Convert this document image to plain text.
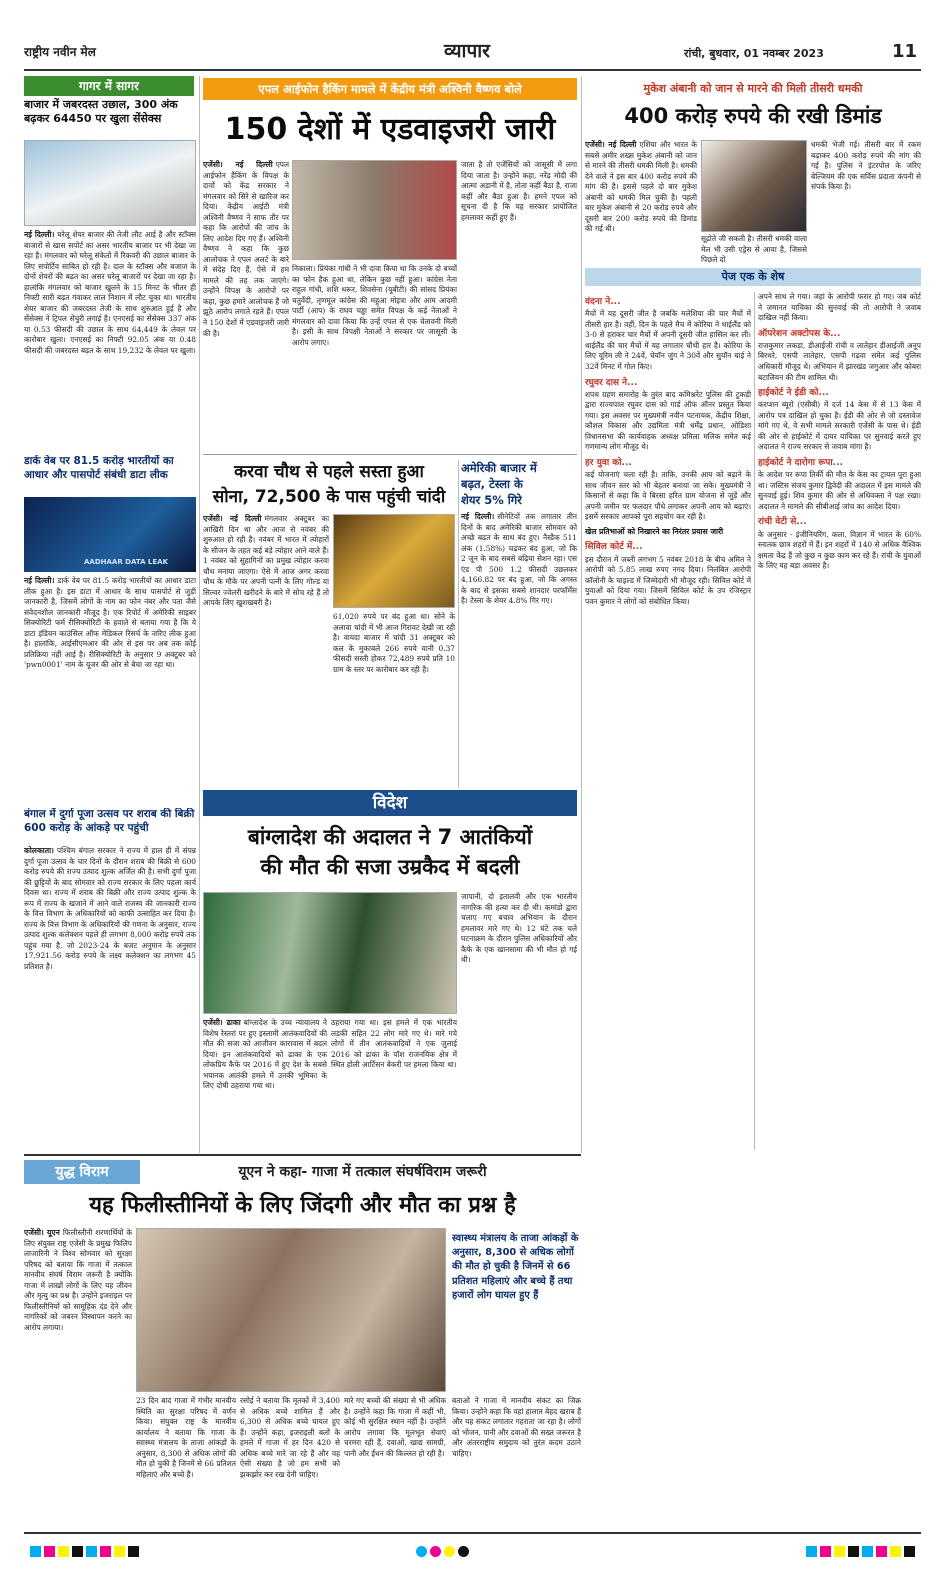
राष्ट्रीय नवीन मेल	व्यापार	रांची, बुधवार, 01 नवम्बर 2023	11
गागर में सागर
बाजार में जबरदस्त उछाल, 300 अंक बढ़कर 64450 पर खुला सेंसेक्स
नई दिल्ली। घरेलू शेयर बाजार की तेजी लौट आई है और स्टॉक्स बाजारों से खास सपोर्ट का असर भारतीय बाजार पर भी देखा जा रहा है। मंगलवार को घरेलू संकेतों में रिकवरी की उछाल बाजार के लिए सपोर्टिव साबित हो रही है। दाल के स्टॉक्स और बजाज के दोनों शेयरों की बढ़त का असर घरेलू बाजारों पर देखा जा रहा है। हालांकि मंगलवार को बाजार खुलने के 15 मिनट के भीतर ही निफ्टी सारी बढ़त गंवाकर लाल निशान में लौट चुका था। भारतीय शेयर बाजार की जबरदस्त तेजी के साथ शुरुआत हुई है और सेंसेक्स ने ट्रिपल सेंचुरी लगाई है। एनएसई का सेंसेक्स 337 अंक या 0.53 फीसदी की उछाल के साथ 64,449 के लेवल पर कारोबार खुला। एनएसई का निफ्टी 92.05 अंक या 0.48 फीसदी की जबरदस्त बढ़त के साथ 19,232 के लेवल पर खुला।
डार्क वेब पर 81.5 करोड़ भारतीयों का आधार और पासपोर्ट संबंधी डाटा लीक
AADHAAR DATA LEAK
नई दिल्ली। डार्क वेब पर 81.5 करोड़ भारतीयों का आधार डाटा लीक हुआ है। इस डाटा में आधार के साथ पासपोर्ट से जुड़ी जानकारी है, जिसमें लोगों के नाम का फोन नंबर और पता जैसे संवेदनशील जानकारी मौजूद है। एक रिपोर्ट में अमेरिकी साइबर सिक्योरिटी फर्म रीसिक्योरिटी के हवाले से बताया गया है कि ये डाटा इंडियन काउंसिल ऑफ मेडिकल रिसर्च के जरिए लीक हुआ है। हालांकि, आईसीएमआर की ओर से इस पर अब तक कोई प्रतिक्रिया नहीं आई है। रीसिक्योरिटी के अनुसार 9 अक्टूबर को 'pwn0001' नाम के यूजर की ओर से बेचा जा रहा था।
बंगाल में दुर्गा पूजा उत्सव पर शराब की बिक्री 600 करोड़ के आंकड़े पर पहुंची
कोलकाता। पश्चिम बंगाल सरकार ने राज्य में हाल ही में संपन्न दुर्गा पूजा उत्सव के चार दिनों के दौरान शराब की बिक्री से 600 करोड़ रुपये की राज्य उत्पाद शुल्क अर्जित की है। सभी दुर्गा पूजा की छुट्टियों के बाद सोमवार को राज्य सरकार के लिए पहला कार्य दिवस था। राज्य में शराब की बिक्री और राज्य उत्पाद शुल्क के रूप में राज्य के खजाने में आने वाले राजस्व की जानकारी राज्य के वित्त विभाग के अधिकारियों को काफी उत्साहित कर दिया है। राज्य के वित्त विभाग के अधिकारियों की गणना के अनुसार, राज्य उत्पाद शुल्क कलेक्शन पहले ही लगभग 8,000 करोड़ रुपये तक पहुंच गया है, जो 2023-24 के बजट अनुमान के अनुसार 17,921.56 करोड़ रुपये के लक्ष्य कलेक्शन का लगभग 45 प्रतिशत है।
एपल आईफोन हैकिंग मामले में केंद्रीय मंत्री अश्विनी वैष्णव बोले
150 देशों में एडवाइजरी जारी
एजेंसी। नई दिल्ली एपल आईफोन हैकिंग के विपक्ष के दावों को केंद्र सरकार ने मंगलवार को सिरे से खारिज कर दिया। केंद्रीय आईटी मंत्री अश्विनी वैष्णव ने साफ तौर पर कहा कि आरोपों की जांच के लिए आदेश दिए गए हैं। अश्विनी वैष्णव ने कहा कि कुछ आलोचक ने एपल अलर्ट के बारे में संदेह दिए हैं, ऐसे में हम मामले की तह तक जाएंगे। उन्होंने विपक्ष के आरोपों पर कहा, कुछ हमारे आलोचक हैं जो झूठे आरोप लगाते रहते हैं। एपल ने 150 देशों में एडवाइजरी जारी की है।
निकाला। प्रियंका गांधी ने भी दावा किया था कि उनके दो बच्चों का फोन हैक हुआ था, लेकिन कुछ नहीं हुआ। कांग्रेस नेता राहुल गांधी, शशि थरूर, शिवसेना (यूबीटी) की सांसद प्रियंका चतुर्वेदी, तृणमूल कांग्रेस की महुआ मोइत्रा और आम आदमी पार्टी (आप) के राघव चड्ढा समेत विपक्ष के कई नेताओं ने मंगलवार को दावा किया कि उन्हें एपल से एक चेतावनी मिली है। इसी के साथ विपक्षी नेताओं ने सरकार पर जासूसी के आरोप लगाए।
जाता है तो एजेंसियों को जासूसी में लगा दिया जाता है। उन्होंने कहा, नरेंद्र मोदी की आत्मा अडानी में है, तोता कहीं बैठा है, राजा कहीं और बैठा हुआ है। हमने एपल को सूचना दी है कि यह सरकार प्रायोजित हमलावर कहीं हुए हैं।
करवा चौथ से पहले सस्ता हुआ
सोना, 72,500 के पास पहुंची चांदी
एजेंसी। नई दिल्ली मंगलवार अक्टूबर का आखिरी दिन था और आज से नवंबर की शुरुआत हो रही है। नवंबर में भारत में त्योहारों के सीजन के तहत कई बड़े त्योहार आने वाले हैं। 1 नवंबर को सुहागिनों का प्रमुख त्योहार करवा चौथ मनाया जाएगा। ऐसे में आज अगर करवा चौथ के मौके पर अपनी पत्नी के लिए गोल्ड या सिल्वर ज्वेलरी खरीदने के बारे में सोच रहे हैं तो आपके लिए खुशखबरी है।
61,020 रुपये पर बंद हुआ था। सोने के अलावा चांदी में भी आज गिरावट देखी जा रही है। वायदा बाजार में चांदी 31 अक्टूबर को कल के मुकाबले 266 रुपये यानी 0.37 फीसदी सस्ती होकर 72,489 रुपये प्रति 10 ग्राम के स्तर पर कारोबार कर रही है।
अमेरिकी बाजार में
बढ़त, टेस्ला के
शेयर 5% गिरे
नई दिल्ली। सीनेटिवों तक लगातार तीन दिनों के बाद अमेरिकी बाजार सोमवार को अच्छे बढ़त के साथ बंद हुए। नैस्डैक 511 अंक (1.58%) चढ़कर बंद हुआ, जो कि 2 जून के बाद सबसे बढ़िया सेशन रहा। एस एंड पी 500 1.2 फीसदी उछलकर 4,166.82 पर बंद हुआ, जो कि अगस्त के बाद से इसका सबसे शानदार परफॉर्मेंस है। टेस्ला के शेयर 4.8% गिर गए।
विदेश
बांग्लादेश की अदालत ने 7 आतंकियों
की मौत की सजा उम्रकैद में बदली
एजेंसी। ढाका बांग्लादेश के उच्च न्यायालय ने विशेष रेस्तरां पर हुए इस्लामी आतंकवादियों की मौत की सजा को आजीवन कारावास में बदल दिया। इन आतंकवादियों को ढाका के एक लोकप्रिय कैफे पर 2016 में हुए देश के सबसे भयानक आतंकी हमले में उनकी भूमिका के लिए दोषी ठहराया गया था।
ठहराया गया था। इस हमले में एक भारतीय लड़की सहित 22 लोग मारे गए थे। मारे गये लोगों में तीन आतंकवादियों ने एक जुलाई 2016 को ढाका के पॉश राजनयिक क्षेत्र में स्थित होली आर्टिसन बेकरी पर हमला किया था।
जापानी, दो इतालवी और एक भारतीय नागरिक की हत्या कर दी थी। कमांडो द्वारा चलाए गए बचाव अभियान के दौरान हमलावर मारे गए थे। 12 घंटे तक चले घटनाक्रम के दौरान पुलिस अधिकारियों और कैफे के एक खानसामा की भी मौत हो गई थी।
मुकेश अंबानी को जान से मारने की मिली तीसरी धमकी
400 करोड़ रुपये की रखी डिमांड
एजेंसी। नई दिल्ली एशिया और भारत के सबसे अमीर शख्स मुकेश अंबानी को जान से मारने की तीसरी धमकी मिली है। धमकी देने वाले ने इस बार 400 करोड़ रुपये की मांग की है। इससे पहले दो बार मुकेश अंबानी को धमकी मिल चुकी है। पहली बार मुकेश अंबानी से 20 करोड़ रुपये और दूसरी बार 200 करोड़ रुपये की डिमांड की गई थी।
सूद्रोते जी सकती है। तीसरी धमकी वाला मेल भी उसी एड्रेस से आया है, जिससे पिछले दो
धमकी भेजी गई। तीसरी बार में रकम बढ़ाकर 400 करोड़ रुपये की मांग की गई है। पुलिस ने इंटरपोल के जरिए बेल्जियम की एक सर्विस प्रदाता कंपनी से संपर्क किया है।
पेज एक के शेष
वंदना ने...
मैचों में यह दूसरी जीत है जबकि मलेशिया की चार मैचों में तीसरी हार है। वहीं, दिन के पहले मैच में कोरिया ने थाईलैंड को 3-0 से हराकर चार मैचों में अपनी दूसरी जीत हासिल कर ली। थाईलैंड की चार मैचों में यह लगातार चौथी हार है। कोरिया के लिए यूरिम ली ने 24वें, चेयॉन जुंग ने 30वें और सुयॉन चाई ने 32वें मिनट में गोल किए।
रघुवर दास ने...
शपथ ग्रहण समारोह के तुरंत बाद कमिश्नरेट पुलिस की टुकड़ी द्वारा राज्यपाल रघुवर दास को गार्ड ऑफ ऑनर प्रस्तुत किया गया। इस अवसर पर मुख्यमंत्री नवीन पटनायक, केंद्रीय शिक्षा, कौशल विकास और उद्यमिता मंत्री धर्मेंद्र प्रधान, ओडिशा विधानसभा की कार्यवाहक अध्यक्ष प्रमिला मलिक समेत कई गणमान्य लोग मौजूद थे।
हर युवा को...
कई योजनाएं चला रही है। ताकि, उनकी आय को बढ़ाने के साथ जीवन स्तर को भी बेहतर बनाया जा सके। मुख्यमंत्री ने किसानों से कहा कि वे बिरसा हरित ग्राम योजना से जुड़ें और अपनी जमीन पर फलदार पौधे लगाकर अपनी आय को बढ़ाएं। इसमें सरकार आपको पूरा सहयोग कर रही है।
खेल प्रतिभाओं को निखारने का निरंतर प्रयास जारी
सिविल कोर्ट में...
इस दौरान में जब्ती लगभग 5 नवंबर 2018 के बीच अमित ने आरोपी को 5.85 लाख रुपए नगद दिया। निलंबित आरोपी कॉलोनी के चाइल्ड में जिम्मेदारी भी मौजूद रही। सिविल कोर्ट में युवाओं को दिया गया। जिसमें सिविल कोर्ट के उप रजिस्ट्रार पवन कुमार ने लोगों को संबोधित किया।
अपने साथ ले गया। जहां के आरोपी फरार हो गए। जब कोर्ट ने जमानत याचिका की सुनवाई की तो आरोपी ने जवाब दाखिल नहीं किया।
ऑपरेशन अक्टोपस के...
राजकुमार लकड़ा, डीआईजी रांची व लातेहार डीआईजी अनूप बिरथरे, एसपी लातेहार, एसपी गढ़वा समेत कई पुलिस अधिकारी मौजूद थे। अभियान में झारखंड जगुआर और कोबरा बटालियन की टीम शामिल थी।
हाईकोर्ट ने ईडी को...
करप्शन ब्यूरो (एसीबी) में दर्ज 14 केस में से 13 केस में आरोप पत्र दाखिल हो चुका है। ईडी की ओर से जो दस्तावेज मांगे गए थे, वे सभी मामले सरकारी एजेंसी के पास थे। ईडी की ओर से हाईकोर्ट में दायर याचिका पर सुनवाई करते हुए अदालत ने राज्य सरकार से जवाब मांगा है।
हाईकोर्ट ने दारोगा रूपा...
के आदेश पर रूपा तिर्की की मौत के केस का ट्रायल पूरा हुआ था। जस्टिस संजय कुमार द्विवेदी की अदालत में इस मामले की सुनवाई हुई। शिव कुमार की ओर से अधिवक्ता ने पक्ष रखा। अदालत ने मामले की सीबीआई जांच का आदेश दिया।
रांची वेटी से...
के अनुसार - इंजीनियरिंग, कला, विज्ञान में भारत के 60% स्नातक छात्र शहरों में हैं। इन शहरों में 140 से अधिक वैश्विक क्षमता केंद्र हैं जो कुछ न कुछ काम कर रहे हैं। रांची के युवाओं के लिए यह बड़ा अवसर है।
युद्ध विराम	यूएन ने कहा- गाजा में तत्काल संघर्षविराम जरूरी
यह फिलीस्तीनियों के लिए जिंदगी और मौत का प्रश्न है
एजेंसी। यूएन फिलीस्तीनी शरणार्थियों के लिए संयुक्त राष्ट्र एजेंसी के प्रमुख फिलिप लाजारिनी ने विश्व सोमवार को सुरक्षा परिषद को बताया कि गाजा में तत्काल मानवीय संघर्ष विराम जरूरी है क्योंकि गाजा में लाखों लोगों के लिए यह जीवन और मृत्यु का प्रश्न है। उन्होंने इजराइल पर फिलीस्तीनियों को सामूहिक दंड देने और नागरिकों को जबरन विस्थापन करने का आरोप लगाया।
स्वास्थ्य मंत्रालय के ताजा आंकड़ों के अनुसार, 8,300 से अधिक लोगों की मौत हो चुकी है जिनमें से 66 प्रतिशत महिलाएं और बच्चे हैं तथा हजारों लोग घायल हुए हैं
23 दिन बाद गाजा में गंभीर मानवीय स्थिति का सुरक्षा परिषद में वर्णन किया। संयुक्त राष्ट्र के मानवीय कार्यालय ने बताया कि गाजा के स्वास्थ्य मंत्रालय के ताजा आंकड़ों के अनुसार, 8,300 से अधिक लोगों की मौत हो चुकी है जिनमें से 66 प्रतिशत महिलाएं और बच्चे हैं।
रसोई ने बताया कि मृतकों में 3,400 से अधिक बच्चे शामिल हैं और 6,300 से अधिक बच्चे घायल हुए हैं। उन्होंने कहा, इजराइली बलों के हमले में गाजा में हर दिन 420 से अधिक बच्चे मारे जा रहे हैं और वह ऐसी संख्या है जो हम सभी को झकझोर कर रख देनी चाहिए।
मारे गए बच्चों की संख्या से भी अधिक है। उन्होंने कहा कि गाजा में कहीं भी, कोई भी सुरक्षित स्थान नहीं है। उन्होंने आरोप लगाया कि मूलभूत सेवाएं चरमरा रही हैं, दवाओं, खाद्य सामग्री, पानी और ईंधन की किल्लत हो रही है।
बताओ ने गाजा में मानवीय संकट का जिक्र किया। उन्होंने कहा कि वहां हालात बेहद खराब हैं और यह संकट लगातार गहराता जा रहा है। लोगों को भोजन, पानी और दवाओं की सख्त जरूरत है और अंतरराष्ट्रीय समुदाय को तुरंत कदम उठाने चाहिए।
